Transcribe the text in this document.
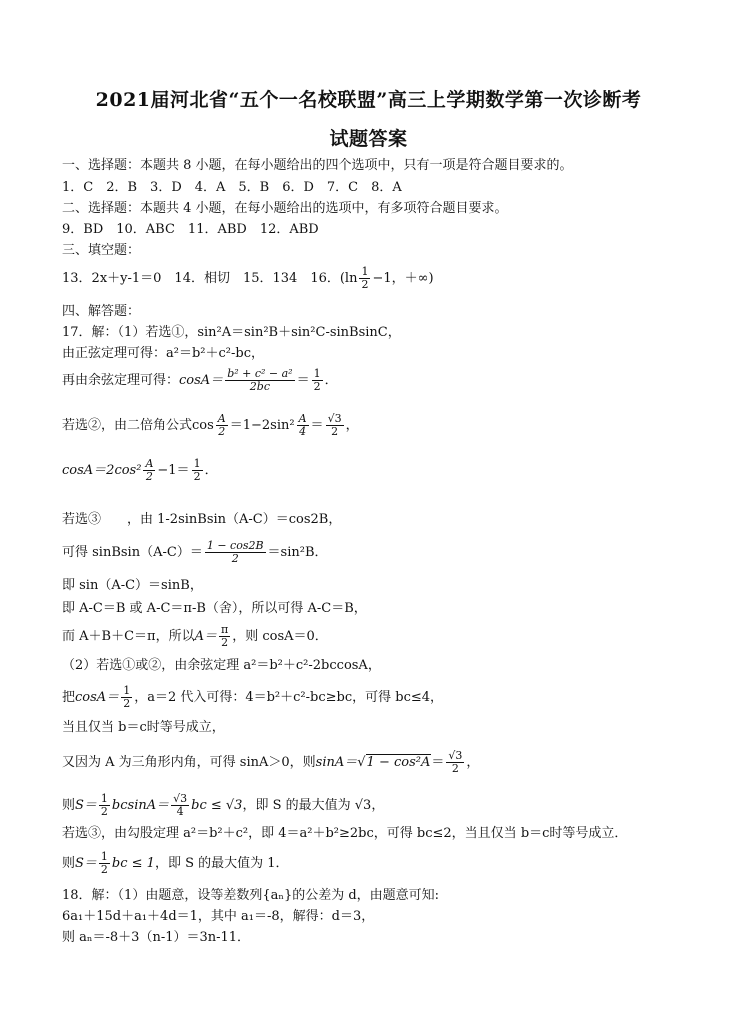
2021届河北省“五个一名校联盟”高三上学期数学第一次诊断考
试题答案
一、选择题：本题共 8 小题，在每小题给出的四个选项中，只有一项是符合题目要求的。
1．C　2．B　3．D　4．A　5．B　6．D　7．C　8．A
二、选择题：本题共 4 小题，在每小题给出的选项中，有多项符合题目要求。
9．BD　10．ABC　11．ABD　12．ABD
三、填空题：
13．2x＋y-1＝0　14．相切　15．134　16．($\ln \frac{1}{2} -1$，＋∞)
四、解答题：
17．解：（1）若选①，sin²A＝sin²B＋sin²C-sinBsinC，
由正弦定理可得：a²＝b²＋c²-bc，
再由余弦定理可得：$\cos A= \frac{\text{b² + c² − a²}}{2bc} = \frac{1}{2}$ ．
若选②，由二倍角公式$\cos \frac{A}{2} =1-2\sin^2 \frac{A}{4} = \frac{√3}{2}$ ，
$\cos A=2\cos^2 \frac{A}{2} -1= \frac{1}{2}$ ．
若选③　　，由 1-2sinBsin（A-C）＝cos2B，
可得 sinBsin（A-C）＝ $\frac{1 - \cos 2B}{2} =\sin^2B$．
即 sin（A-C）＝sinB，
即 A-C＝B 或 A-C＝π-B（舍），所以可得 A-C＝B，
而 A＋B＋C＝π，所以$A= \frac{\pi}{2}$ ，则 cosA＝0．
（2）若选①或②，由余弦定理 a²＝b²＋c²-2bccosA，
把$\cos A= \frac{1}{2}$ ，a＝2 代入可得：4＝b²＋c²-bc≥bc，可得 bc≤4，
当且仅当 b＝c时等号成立，
又因为 A 为三角形内角，可得 sinA＞0，则$\sin A=√1 - \cos^2A= \frac{√3}{2}$ ，
则$S= \frac{1}{2} bcsinA= \frac{√3}{4}$ bc ≤ √3，即 S 的最大值为 √3，
若选③，由勾股定理 a²＝b²＋c²，即 4＝a²＋b²≥2bc，可得 bc≤2，当且仅当 b＝c时等号成立．
则$S= \frac{1}{2}$ bc ≤ 1，即 S 的最大值为 1．
18．解：（1）由题意，设等差数列{aₙ}的公差为 d，由题意可知:
6a₁＋15d＋a₁＋4d＝1，其中 a₁＝-8，解得：d＝3，
则 aₙ＝-8＋3（n-1）＝3n-11．
